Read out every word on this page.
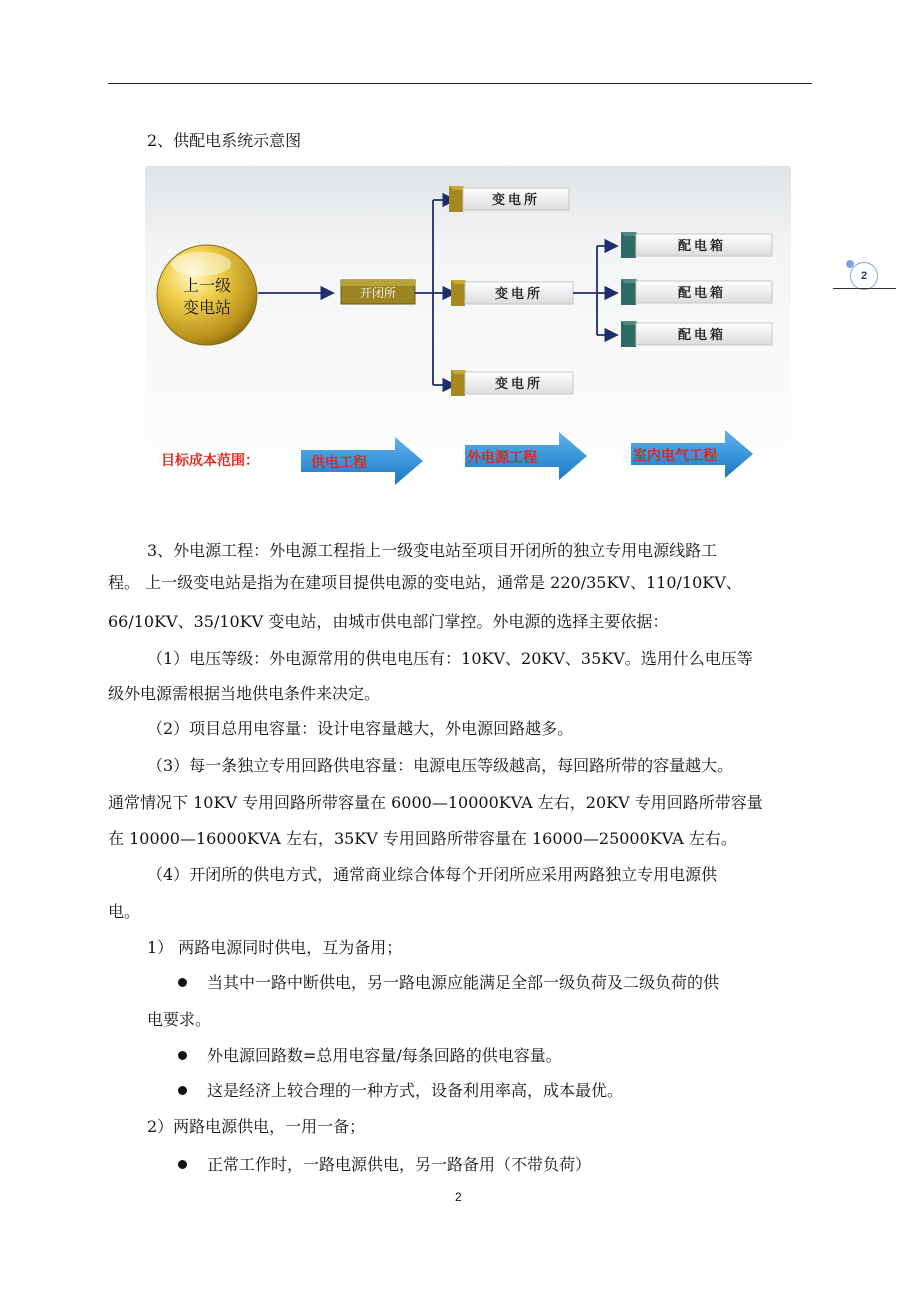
2
2、供配电系统示意图
上一级
变电站
开闭所
变电所
变电所
变电所
配电箱
配电箱
配电箱
目标成本范围：	供电工程	外电源工程	室内电气工程
3、外电源工程：外电源工程指上一级变电站至项目开闭所的独立专用电源线路工
程。 上一级变电站是指为在建项目提供电源的变电站，通常是 220/35KV、110/10KV、
66/10KV、35/10KV 变电站，由城市供电部门掌控。外电源的选择主要依据：
（1）电压等级：外电源常用的供电电压有：10KV、20KV、35KV。选用什么电压等
级外电源需根据当地供电条件来决定。
（2）项目总用电容量：设计电容量越大，外电源回路越多。
（3）每一条独立专用回路供电容量：电源电压等级越高，每回路所带的容量越大。
通常情况下 10KV 专用回路所带容量在 6000—10000KVA 左右，20KV 专用回路所带容量
在 10000—16000KVA 左右，35KV 专用回路所带容量在 16000—25000KVA 左右。
（4）开闭所的供电方式，通常商业综合体每个开闭所应采用两路独立专用电源供
电。
1） 两路电源同时供电，互为备用；
当其中一路中断供电，另一路电源应能满足全部一级负荷及二级负荷的供
电要求。
外电源回路数=总用电容量/每条回路的供电容量。
这是经济上较合理的一种方式，设备利用率高，成本最优。
2）两路电源供电，一用一备；
正常工作时，一路电源供电，另一路备用（不带负荷）
2
